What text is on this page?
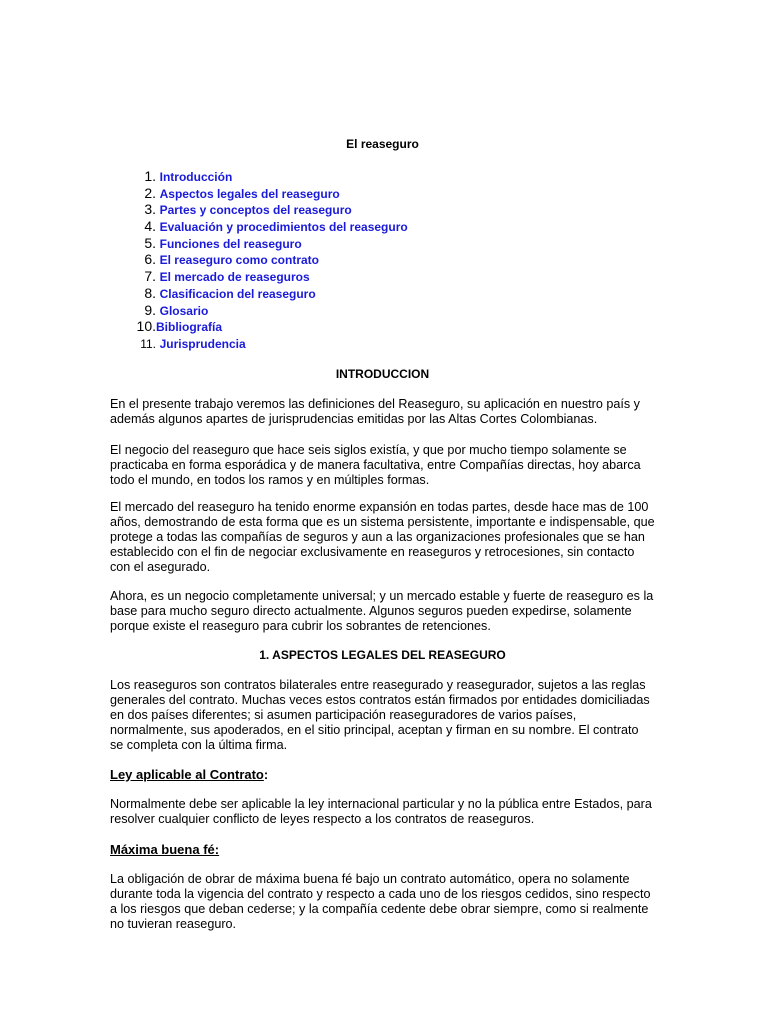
El reaseguro
1.
Introducción
2.
Aspectos legales del reaseguro
3.
Partes y conceptos del reaseguro
4.
Evaluación y procedimientos del reaseguro
5.
Funciones del reaseguro
6.
El reaseguro como contrato
7.
El mercado de reaseguros
8.
Clasificacion del reaseguro
9.
Glosario
10. Bibliografía
11.
Jurisprudencia
INTRODUCCION

En el presente trabajo veremos las definiciones del Reaseguro, su aplicación en nuestro país y además algunos apartes de jurisprudencias emitidas por las Altas Cortes Colombianas.

El negocio del reaseguro que hace seis siglos existía, y que por mucho tiempo solamente se practicaba en forma esporádica y de manera facultativa, entre Compañías directas, hoy abarca todo el mundo, en todos los ramos y en múltiples formas.

El mercado del reaseguro ha tenido enorme expansión en todas partes, desde hace mas de 100 años, demostrando de esta forma que es un sistema persistente, importante e indispensable, que protege a todas las compañías de seguros y aun a las organizaciones profesionales que se han establecido con el fin de negociar exclusivamente en reaseguros y retrocesiones, sin contacto con el asegurado.

Ahora, es un negocio completamente universal; y un mercado estable y fuerte de reaseguro es la base para mucho seguro directo actualmente. Algunos seguros pueden expedirse, solamente porque existe el reaseguro para cubrir los sobrantes de retenciones.

1. ASPECTOS LEGALES DEL REASEGURO

Los reaseguros son contratos bilaterales entre reasegurado y reasegurador, sujetos a las reglas generales del contrato. Muchas veces estos contratos están firmados por entidades domiciliadas en dos países diferentes; si asumen participación reaseguradores de varios países, normalmente, sus apoderados, en el sitio principal, aceptan y firman en su nombre. El contrato se completa con la última firma.

Ley aplicable al Contrato:

Normalmente debe ser aplicable la ley internacional particular y no la pública entre Estados, para resolver cualquier conflicto de leyes respecto a los contratos de reaseguros.

Máxima buena fé:

La obligación de obrar de máxima buena fé bajo un contrato automático, opera no solamente durante toda la vigencia del contrato y respecto a cada uno de los riesgos cedidos, sino respecto a los riesgos que deban cederse; y la compañía cedente debe obrar siempre, como si realmente no tuvieran reaseguro.
